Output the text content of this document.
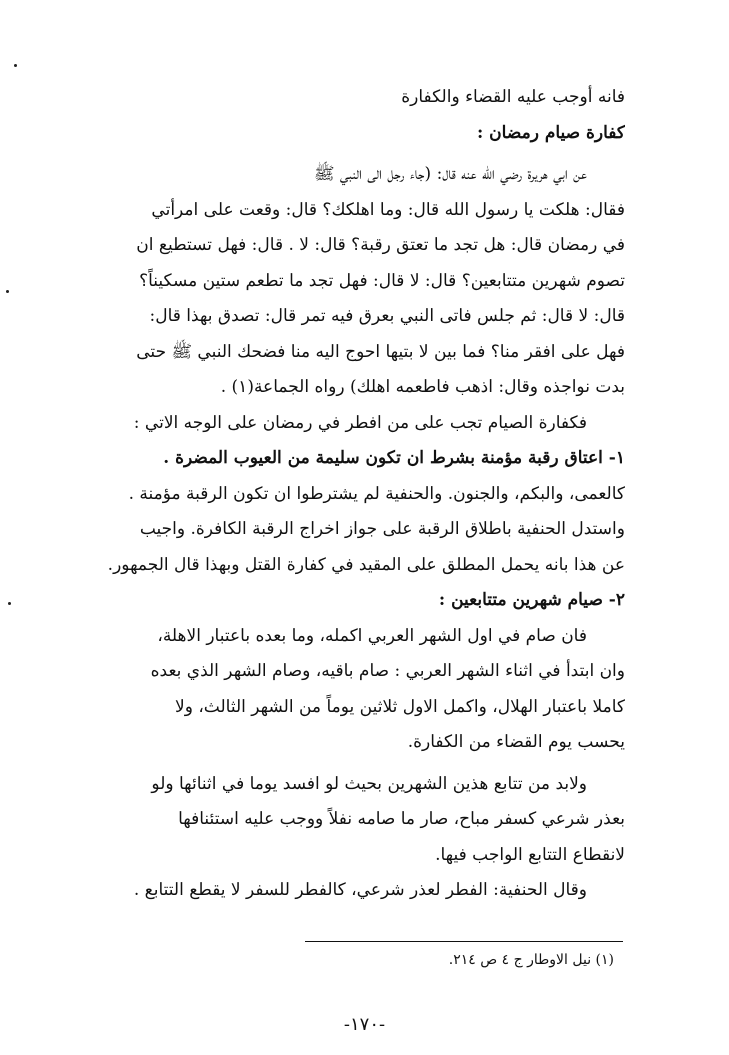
فانه أوجب عليه القضاء والكفارة
كفارة صيام رمضان :
عن ابي هريرة رضي الله عنه قال: (جاء رجل الى النبي ﷺ
فقال: هلكت يا رسول الله قال: وما اهلكك؟ قال: وقعت على امرأتي
في رمضان قال: هل تجد ما تعتق رقبة؟ قال: لا . قال: فهل تستطيع ان
تصوم شهرين متتابعين؟ قال: لا قال: فهل تجد ما تطعم ستين مسكيناً؟
قال: لا قال: ثم جلس فاتى النبي بعرق فيه تمر قال: تصدق بهذا قال:
فهل على افقر منا؟ فما بين لا بتيها احوج اليه منا فضحك النبي ﷺ حتى
بدت نواجذه وقال: اذهب فاطعمه اهلك) رواه الجماعة(١) .
فكفارة الصيام تجب على من افطر في رمضان على الوجه الاتي :
١- اعتاق رقبة مؤمنة بشرط ان تكون سليمة من العيوب المضرة .
كالعمى، والبكم، والجنون. والحنفية لم يشترطوا ان تكون الرقبة مؤمنة .
واستدل الحنفية باطلاق الرقبة على جواز اخراج الرقبة الكافرة. واجيب
عن هذا بانه يحمل المطلق على المقيد في كفارة القتل وبهذا قال الجمهور.
٢- صيام شهرين متتابعين :
فان صام في اول الشهر العربي اكمله، وما بعده باعتبار الاهلة،
وان ابتدأ في اثناء الشهر العربي : صام باقيه، وصام الشهر الذي بعده
كاملا باعتبار الهلال، واكمل الاول ثلاثين يوماً من الشهر الثالث، ولا
يحسب يوم القضاء من الكفارة.
ولابد من تتابع هذين الشهرين بحيث لو افسد يوما في اثنائها ولو
بعذر شرعي كسفر مباح، صار ما صامه نفلاً ووجب عليه استئنافها
لانقطاع التتابع الواجب فيها.
وقال الحنفية: الفطر لعذر شرعي، كالفطر للسفر لا يقطع التتابع .
(١) نيل الاوطار ج ٤ ص ٢١٤.
-١٧٠-
